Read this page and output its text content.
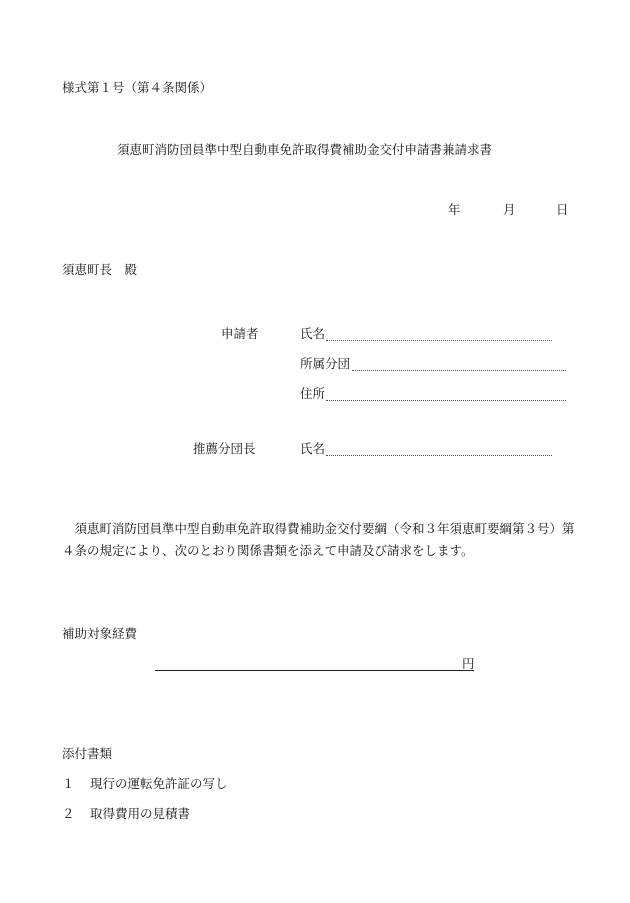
様式第１号（第４条関係）
須恵町消防団員準中型自動車免許取得費補助金交付申請書兼請求書
年	月	日
須恵町長　殿
申請者	氏名
所属分団
住所
推薦分団長	氏名
　須恵町消防団員準中型自動車免許取得費補助金交付要綱（令和３年須恵町要綱第３号）第４条の規定により、次のとおり関係書類を添えて申請及び請求をします。
補助対象経費
円
添付書類
１ 現行の運転免許証の写し
２ 取得費用の見積書
